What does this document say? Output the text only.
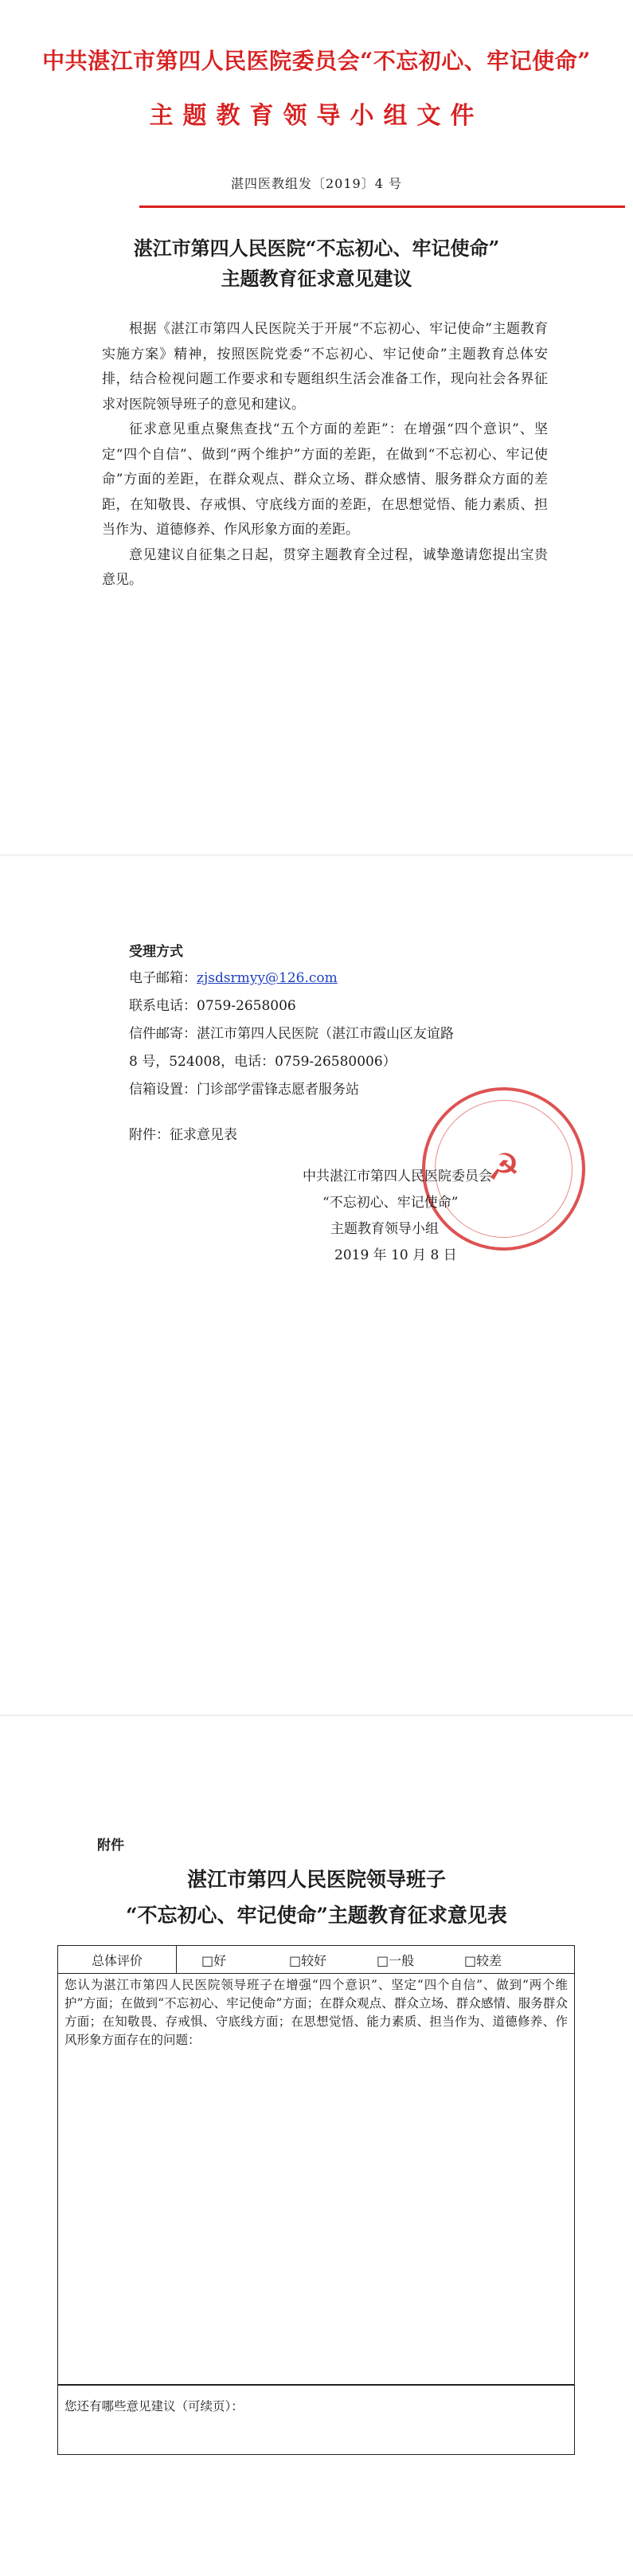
中共湛江市第四人民医院委员会“不忘初心、牢记使命”
主题教育领导小组文件
湛四医教组发〔2019〕4 号
湛江市第四人民医院“不忘初心、牢记使命”
主题教育征求意见建议

根据《湛江市第四人民医院关于开展“不忘初心、牢记使命”主题教育实施方案》精神，按照医院党委“不忘初心、牢记使命”主题教育总体安排，结合检视问题工作要求和专题组织生活会准备工作，现向社会各界征求对医院领导班子的意见和建议。

征求意见重点聚焦查找“五个方面的差距”：在增强“四个意识”、坚定“四个自信”、做到“两个维护”方面的差距，在做到“不忘初心、牢记使命”方面的差距，在群众观点、群众立场、群众感情、服务群众方面的差距，在知敬畏、存戒惧、守底线方面的差距，在思想觉悟、能力素质、担当作为、道德修养、作风形象方面的差距。

意见建议自征集之日起，贯穿主题教育全过程，诚挚邀请您提出宝贵意见。

受理方式
电子邮箱：zjsdsrmyy@126.com
联系电话：0759-2658006
信件邮寄：湛江市第四人民医院（湛江市霞山区友谊路
8 号，524008，电话：0759-26580006）
信箱设置：门诊部学雷锋志愿者服务站
附件：征求意见表
☭
中共湛江市第四人民医院委员会
“不忘初心、牢记使命”
主题教育领导小组
2019 年 10 月 8 日
附件
湛江市第四人民医院领导班子
“不忘初心、牢记使命”主题教育征求意见表
总体评价	□好	□较好	□一般	□较差
您认为湛江市第四人民医院领导班子在增强“四个意识”、坚定“四个自信”、做到“两个维护”方面；在做到“不忘初心、牢记使命”方面；在群众观点、群众立场、群众感情、服务群众方面；在知敬畏、存戒惧、守底线方面；在思想觉悟、能力素质、担当作为、道德修养、作风形象方面存在的问题：
您还有哪些意见建议（可续页）：
